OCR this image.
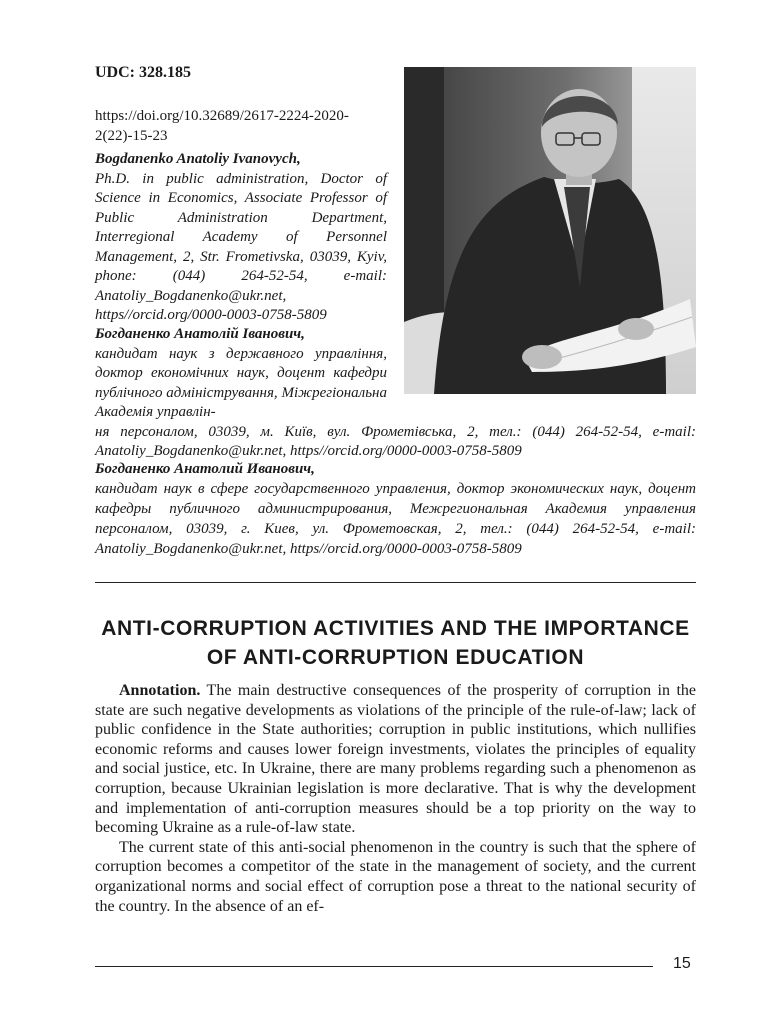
UDC: 328.185
https://doi.org/10.32689/2617-2224-2020-2(22)-15-23
Bogdanenko Anatoliy Ivanovych,
Ph.D. in public administration, Doctor of Science in Economics, Associate Professor of Public Administration Department, Interregional Academy of Personnel Management, 2, Str. Frometivska, 03039, Kyiv, phone: (044) 264-52-54, e-mail: Anatoliy_Bogdanenko@ukr.net, https//orcid.org/0000-0003-0758-5809
Богданенко Анатолій Іванович,
кандидат наук з державного управління, доктор економічних наук, доцент кафедри публічного адміністрування, Міжрегіональна Академія управлін-
ня персоналом, 03039, м. Київ, вул. Фрометівська, 2, тел.: (044) 264-52-54, e-mail: Anatoliy_Bogdanenko@ukr.net, https//orcid.org/0000-0003-0758-5809
Богданенко Анатолий Иванович,
кандидат наук в сфере государственного управления, доктор экономических наук, доцент кафедры публичного администрирования, Межрегиональная Академия управления персоналом, 03039, г. Киев, ул. Фрометовская, 2, тел.: (044) 264-52-54, e-mail: Anatoliy_Bogdanenko@ukr.net, https//orcid.org/0000-0003-0758-5809
ANTI-CORRUPTION ACTIVITIES AND THE IMPORTANCE OF ANTI-CORRUPTION EDUCATION

Annotation. The main destructive consequences of the prosperity of corruption in the state are such negative developments as violations of the principle of the rule-of-law; lack of public confidence in the State authorities; corruption in public institutions, which nullifies economic reforms and causes lower foreign investments, violates the principles of equality and social justice, etc. In Ukraine, there are many problems regarding such a phenomenon as corruption, because Ukrainian legislation is more declarative. That is why the development and implementation of anti-corruption measures should be a top priority on the way to becoming Ukraine as a rule-of-law state.

The current state of this anti-social phenomenon in the country is such that the sphere of corruption becomes a competitor of the state in the management of society, and the current organizational norms and social effect of corruption pose a threat to the national security of the country. In the absence of an ef-

15
